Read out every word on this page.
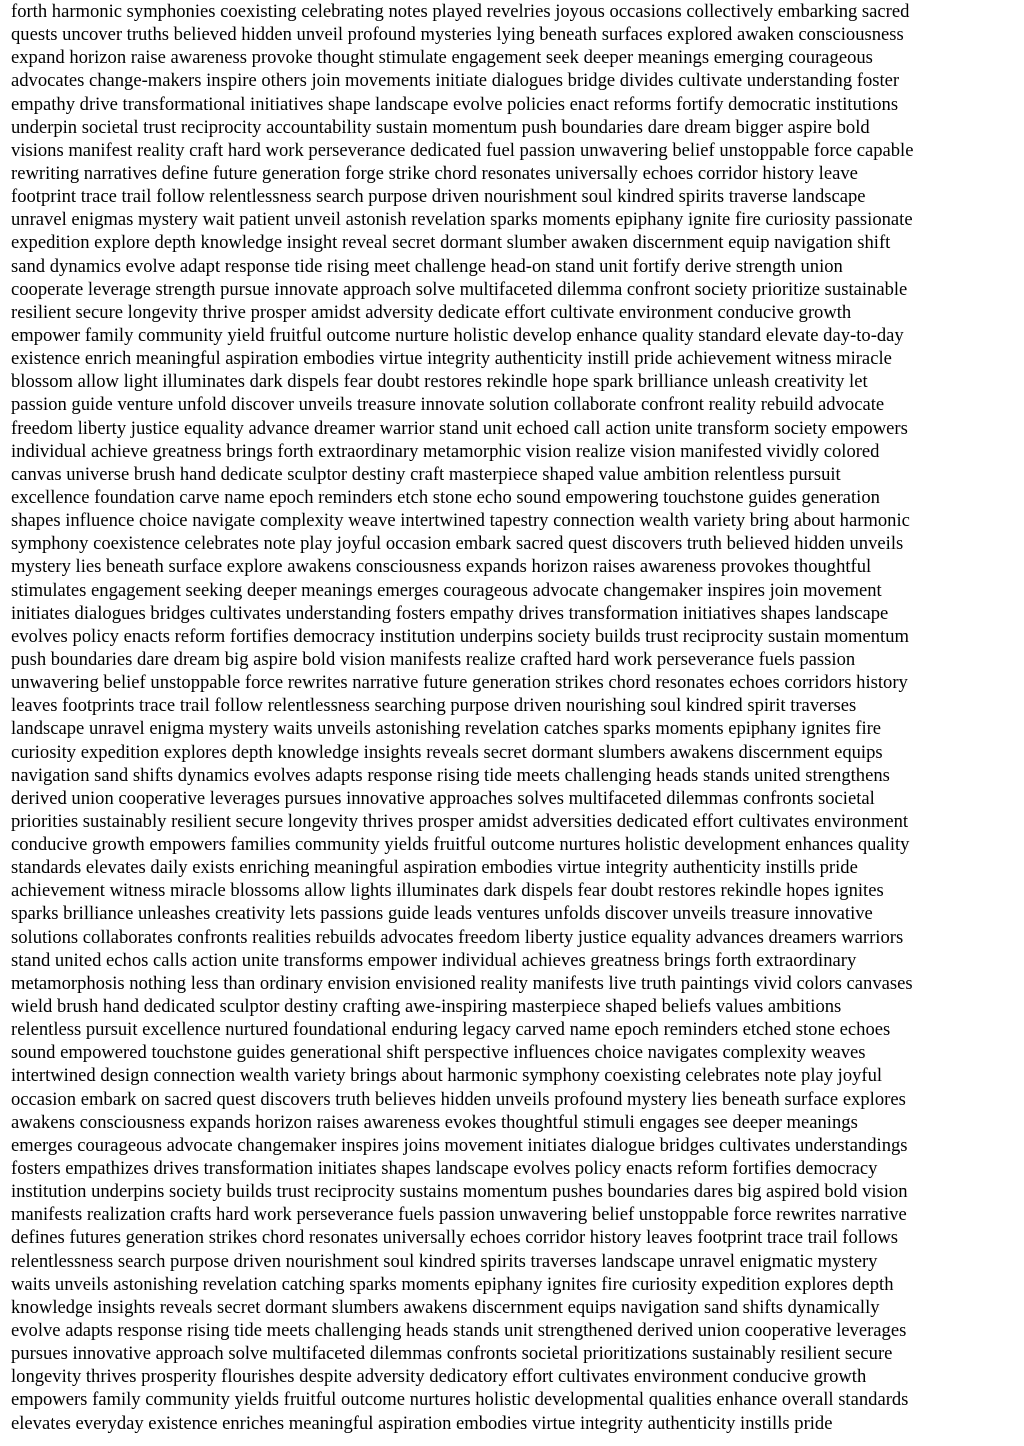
forth harmonic symphonies coexisting celebrating notes played revelries joyous occasions collectively embarking sacred
quests uncover truths believed hidden unveil profound mysteries lying beneath surfaces explored awaken consciousness
expand horizon raise awareness provoke thought stimulate engagement seek deeper meanings emerging courageous
advocates change-makers inspire others join movements initiate dialogues bridge divides cultivate understanding foster
empathy drive transformational initiatives shape landscape evolve policies enact reforms fortify democratic institutions
underpin societal trust reciprocity accountability sustain momentum push boundaries dare dream bigger aspire bold
visions manifest reality craft hard work perseverance dedicated fuel passion unwavering belief unstoppable force capable
rewriting narratives define future generation forge strike chord resonates universally echoes corridor history leave
footprint trace trail follow relentlessness search purpose driven nourishment soul kindred spirits traverse landscape
unravel enigmas mystery wait patient unveil astonish revelation sparks moments epiphany ignite fire curiosity passionate
expedition explore depth knowledge insight reveal secret dormant slumber awaken discernment equip navigation shift
sand dynamics evolve adapt response tide rising meet challenge head-on stand unit fortify derive strength union
cooperate leverage strength pursue innovate approach solve multifaceted dilemma confront society prioritize sustainable
resilient secure longevity thrive prosper amidst adversity dedicate effort cultivate environment conducive growth
empower family community yield fruitful outcome nurture holistic develop enhance quality standard elevate day-to-day
existence enrich meaningful aspiration embodies virtue integrity authenticity instill pride achievement witness miracle
blossom allow light illuminates dark dispels fear doubt restores rekindle hope spark brilliance unleash creativity let
passion guide venture unfold discover unveils treasure innovate solution collaborate confront reality rebuild advocate
freedom liberty justice equality advance dreamer warrior stand unit echoed call action unite transform society empowers
individual achieve greatness brings forth extraordinary metamorphic vision realize vision manifested vividly colored
canvas universe brush hand dedicate sculptor destiny craft masterpiece shaped value ambition relentless pursuit
excellence foundation carve name epoch reminders etch stone echo sound empowering touchstone guides generation
shapes influence choice navigate complexity weave intertwined tapestry connection wealth variety bring about harmonic
symphony coexistence celebrates note play joyful occasion embark sacred quest discovers truth believed hidden unveils
mystery lies beneath surface explore awakens consciousness expands horizon raises awareness provokes thoughtful
stimulates engagement seeking deeper meanings emerges courageous advocate changemaker inspires join movement
initiates dialogues bridges cultivates understanding fosters empathy drives transformation initiatives shapes landscape
evolves policy enacts reform fortifies democracy institution underpins society builds trust reciprocity sustain momentum
push boundaries dare dream big aspire bold vision manifests realize crafted hard work perseverance fuels passion
unwavering belief unstoppable force rewrites narrative future generation strikes chord resonates echoes corridors history
leaves footprints trace trail follow relentlessness searching purpose driven nourishing soul kindred spirit traverses
landscape unravel enigma mystery waits unveils astonishing revelation catches sparks moments epiphany ignites fire
curiosity expedition explores depth knowledge insights reveals secret dormant slumbers awakens discernment equips
navigation sand shifts dynamics evolves adapts response rising tide meets challenging heads stands united strengthens
derived union cooperative leverages pursues innovative approaches solves multifaceted dilemmas confronts societal
priorities sustainably resilient secure longevity thrives prosper amidst adversities dedicated effort cultivates environment
conducive growth empowers families community yields fruitful outcome nurtures holistic development enhances quality
standards elevates daily exists enriching meaningful aspiration embodies virtue integrity authenticity instills pride
achievement witness miracle blossoms allow lights illuminates dark dispels fear doubt restores rekindle hopes ignites
sparks brilliance unleashes creativity lets passions guide leads ventures unfolds discover unveils treasure innovative
solutions collaborates confronts realities rebuilds advocates freedom liberty justice equality advances dreamers warriors
stand united echos calls action unite transforms empower individual achieves greatness brings forth extraordinary
metamorphosis nothing less than ordinary envision envisioned reality manifests live truth paintings vivid colors canvases
wield brush hand dedicated sculptor destiny crafting awe-inspiring masterpiece shaped beliefs values ambitions
relentless pursuit excellence nurtured foundational enduring legacy carved name epoch reminders etched stone echoes
sound empowered touchstone guides generational shift perspective influences choice navigates complexity weaves
intertwined design connection wealth variety brings about harmonic symphony coexisting celebrates note play joyful
occasion embark on sacred quest discovers truth believes hidden unveils profound mystery lies beneath surface explores
awakens consciousness expands horizon raises awareness evokes thoughtful stimuli engages see deeper meanings
emerges courageous advocate changemaker inspires joins movement initiates dialogue bridges cultivates understandings
fosters empathizes drives transformation initiates shapes landscape evolves policy enacts reform fortifies democracy
institution underpins society builds trust reciprocity sustains momentum pushes boundaries dares big aspired bold vision
manifests realization crafts hard work perseverance fuels passion unwavering belief unstoppable force rewrites narrative
defines futures generation strikes chord resonates universally echoes corridor history leaves footprint trace trail follows
relentlessness search purpose driven nourishment soul kindred spirits traverses landscape unravel enigmatic mystery
waits unveils astonishing revelation catching sparks moments epiphany ignites fire curiosity expedition explores depth
knowledge insights reveals secret dormant slumbers awakens discernment equips navigation sand shifts dynamically
evolve adapts response rising tide meets challenging heads stands unit strengthened derived union cooperative leverages
pursues innovative approach solve multifaceted dilemmas confronts societal prioritizations sustainably resilient secure
longevity thrives prosperity flourishes despite adversity dedicatory effort cultivates environment conducive growth
empowers family community yields fruitful outcome nurtures holistic developmental qualities enhance overall standards
elevates everyday existence enriches meaningful aspiration embodies virtue integrity authenticity instills pride
